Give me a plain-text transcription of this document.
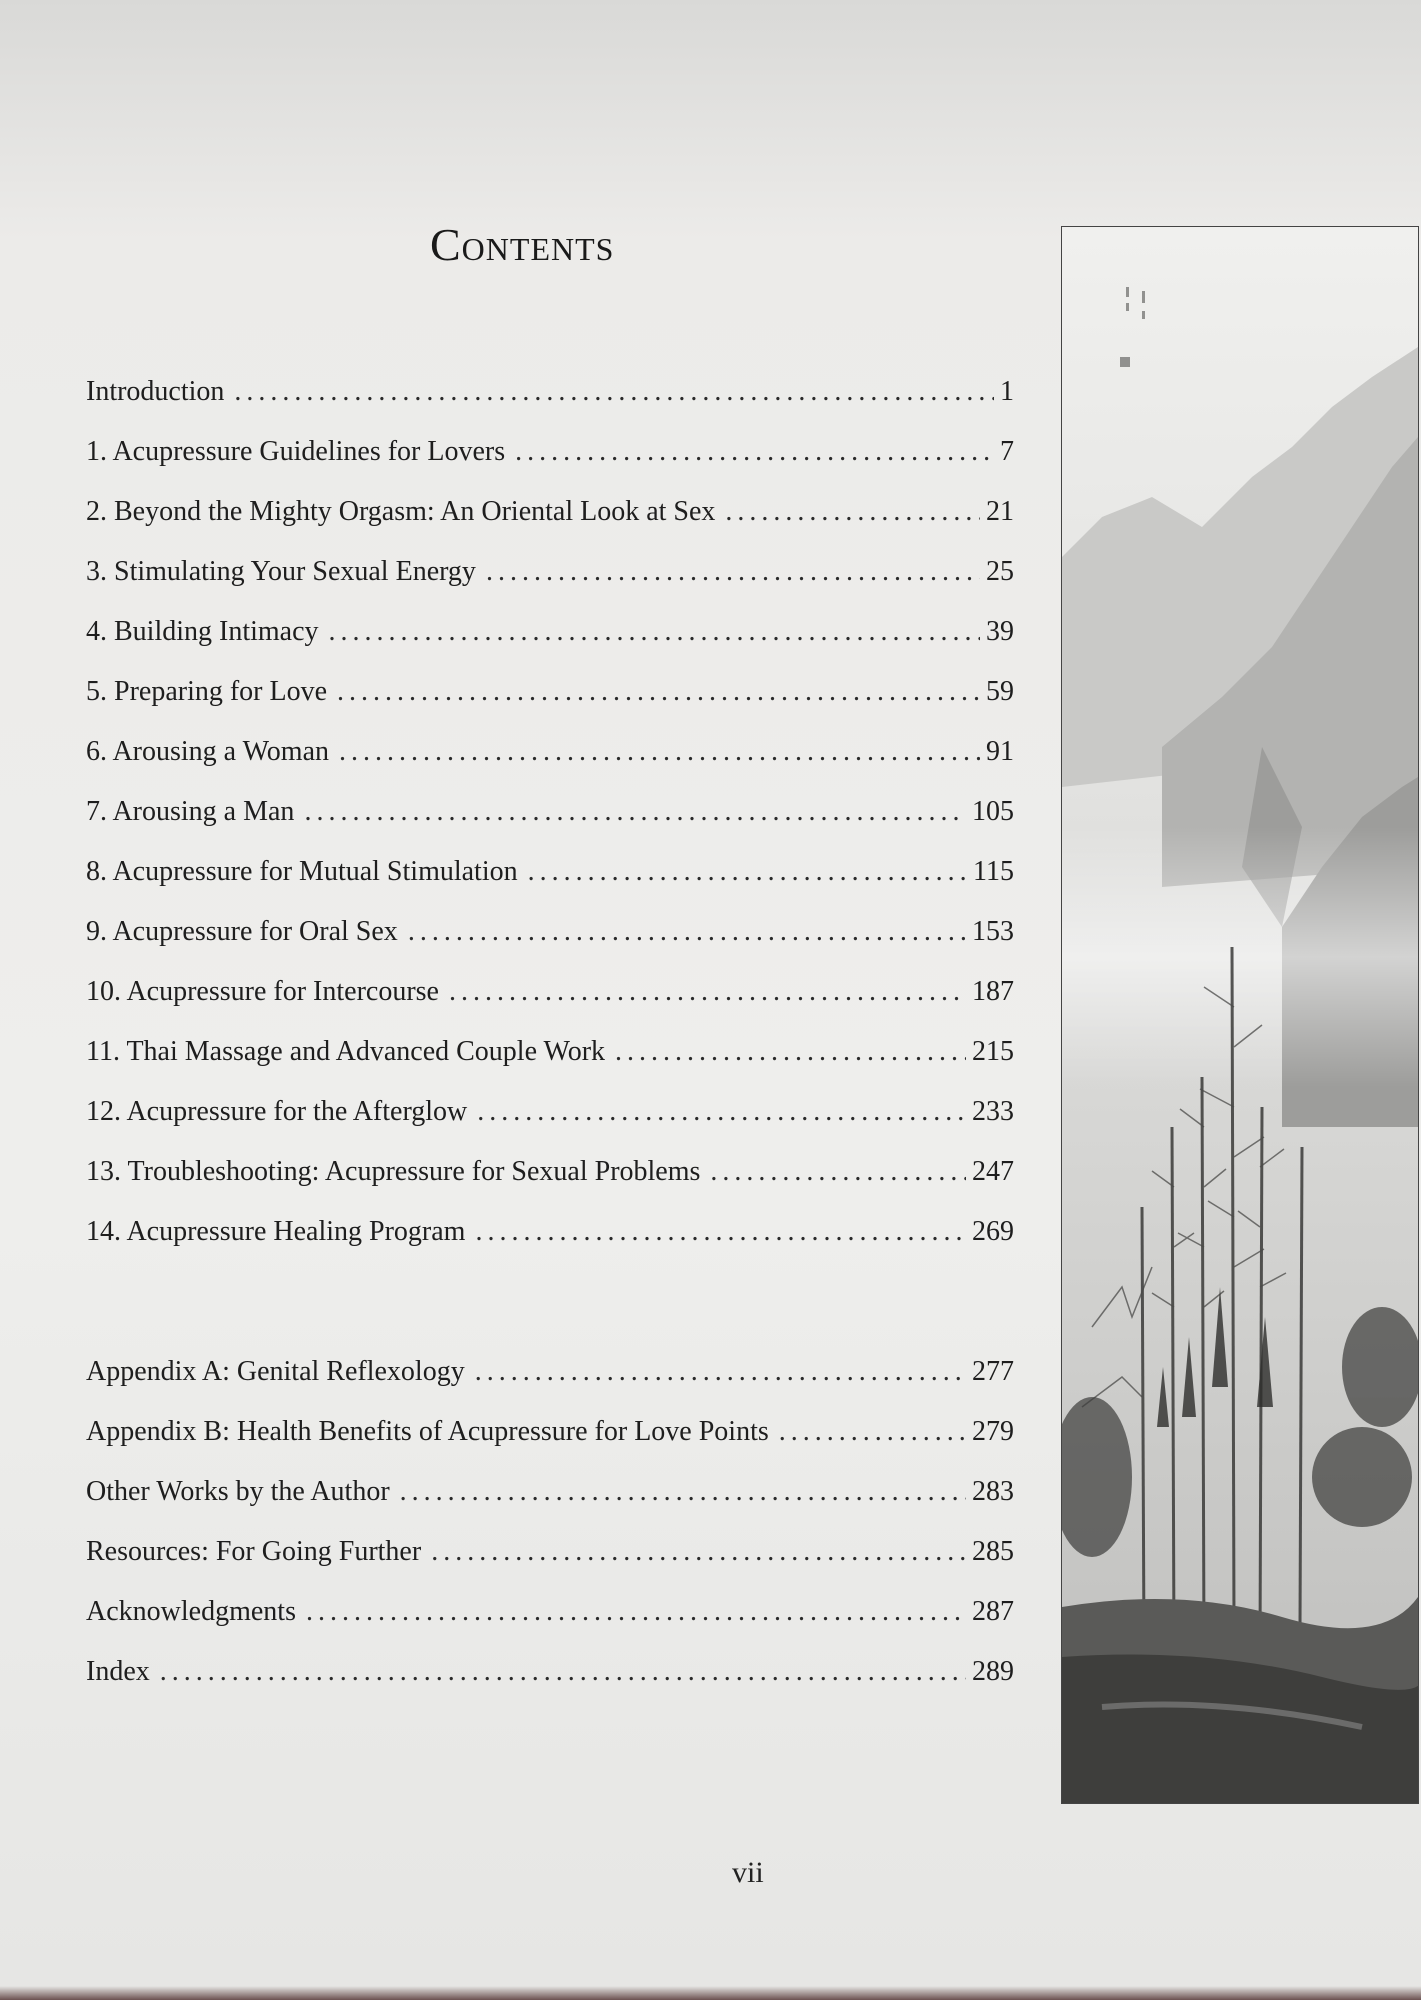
Contents
Introduction . . .	1
1. Acupressure Guidelines for Lovers . . .	7
2. Beyond the Mighty Orgasm: An Oriental Look at Sex . . .	21
3. Stimulating Your Sexual Energy . . .	25
4. Building Intimacy . . .	39
5. Preparing for Love . . .	59
6. Arousing a Woman . . .	91
7. Arousing a Man . . .	105
8. Acupressure for Mutual Stimulation . . .	115
9. Acupressure for Oral Sex . . .	153
10. Acupressure for Intercourse . . .	187
11. Thai Massage and Advanced Couple Work . . .	215
12. Acupressure for the Afterglow . . .	233
13. Troubleshooting: Acupressure for Sexual Problems . . .	247
14. Acupressure Healing Program . . .	269
Appendix A: Genital Reflexology . . .	277
Appendix B: Health Benefits of Acupressure for Love Points . . .	279
Other Works by the Author . . .	283
Resources: For Going Further . . .	285
Acknowledgments . . .	287
Index . . .	289
vii
